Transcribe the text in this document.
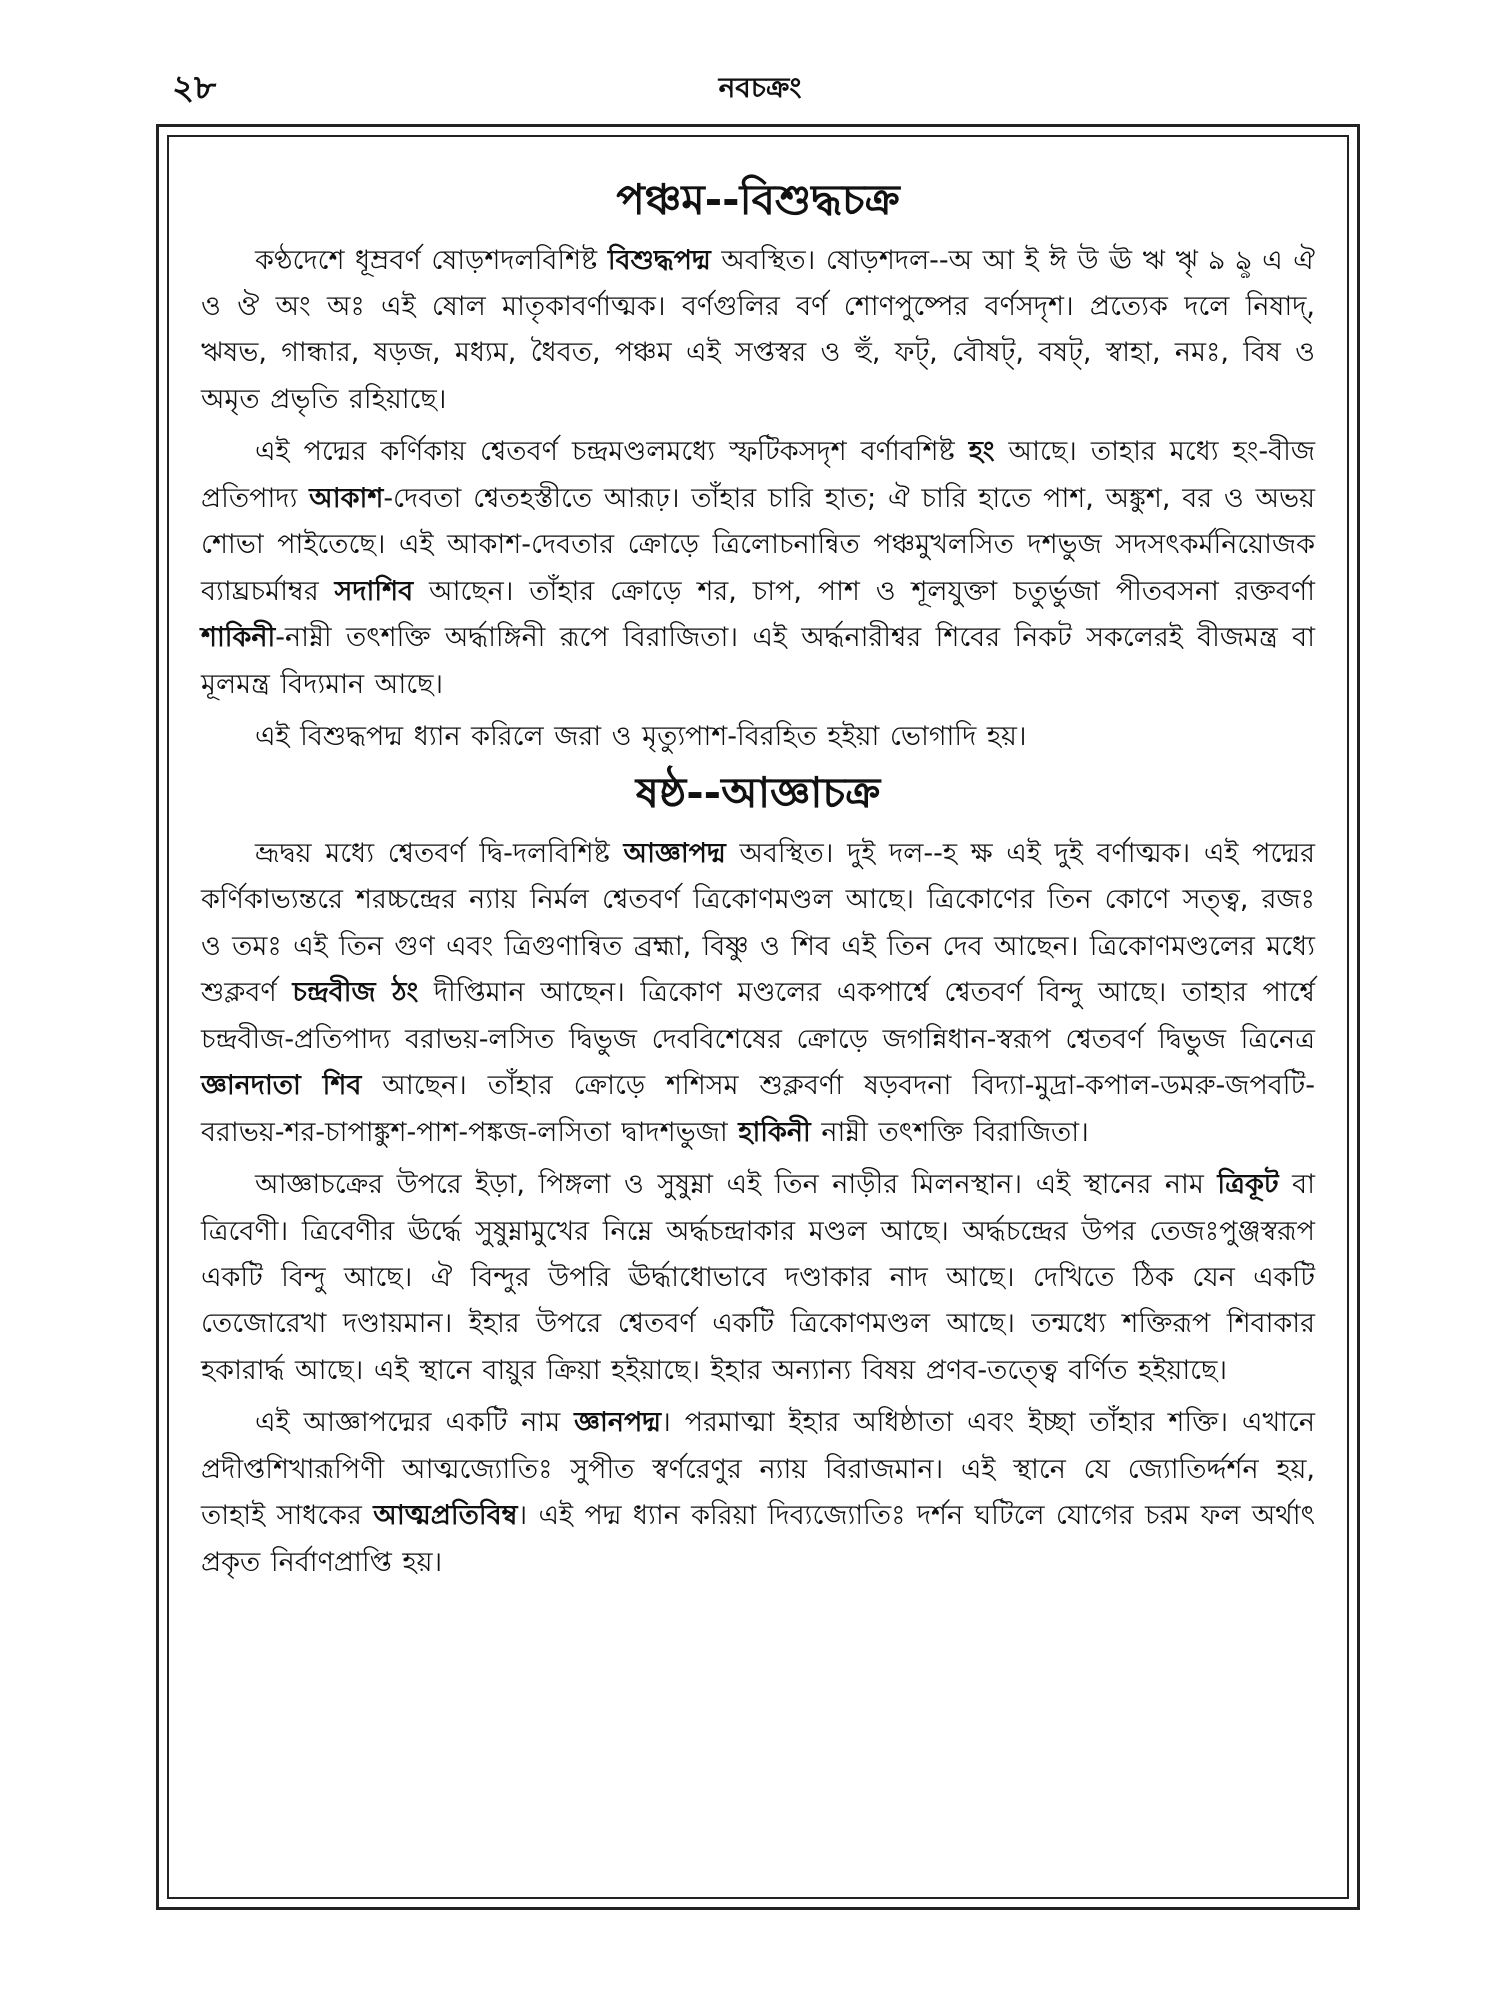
২৮	নবচক্রং
পঞ্চম--বিশুদ্ধচক্র

কণ্ঠদেশে ধূম্রবর্ণ ষোড়শদলবিশিষ্ট বিশুদ্ধপদ্ম অবস্থিত। ষোড়শদল--অ আ ই ঈ উ ঊ ঋ ৠ ঌ ৡ এ ঐ ও ঔ অং অঃ এই ষোল মাতৃকাবর্ণাত্মক। বর্ণগুলির বর্ণ শোণপুষ্পের বর্ণসদৃশ। প্রত্যেক দলে নিষাদ্, ঋষভ, গান্ধার, ষড়জ, মধ্যম, ধৈবত, পঞ্চম এই সপ্তস্বর ও হুঁ, ফট্, বৌষট্, বষট্, স্বাহা, নমঃ, বিষ ও অমৃত প্রভৃতি রহিয়াছে।

এই পদ্মের কর্ণিকায় শ্বেতবর্ণ চন্দ্রমণ্ডলমধ্যে স্ফটিকসদৃশ বর্ণাবশিষ্ট হং আছে। তাহার মধ্যে হং-বীজ প্রতিপাদ্য আকাশ-দেবতা শ্বেতহস্তীতে আরূঢ়। তাঁহার চারি হাত; ঐ চারি হাতে পাশ, অঙ্কুশ, বর ও অভয় শোভা পাইতেছে। এই আকাশ-দেবতার ক্রোড়ে ত্রিলোচনান্বিত পঞ্চমুখলসিত দশভুজ সদসৎকর্মনিয়োজক ব্যাঘ্রচর্মাম্বর সদাশিব আছেন। তাঁহার ক্রোড়ে শর, চাপ, পাশ ও শূলযুক্তা চতুর্ভুজা পীতবসনা রক্তবর্ণা শাকিনী-নাম্নী তৎশক্তি অর্দ্ধাঙ্গিনী রূপে বিরাজিতা। এই অর্দ্ধনারীশ্বর শিবের নিকট সকলেরই বীজমন্ত্র বা মূলমন্ত্র বিদ্যমান আছে।

এই বিশুদ্ধপদ্ম ধ্যান করিলে জরা ও মৃত্যুপাশ-বিরহিত হইয়া ভোগাদি হয়।

ষষ্ঠ--আজ্ঞাচক্র

ভ্রূদ্বয় মধ্যে শ্বেতবর্ণ দ্বি-দলবিশিষ্ট আজ্ঞাপদ্ম অবস্থিত। দুই দল--হ ক্ষ এই দুই বর্ণাত্মক। এই পদ্মের কর্ণিকাভ্যন্তরে শরচ্চন্দ্রের ন্যায় নির্মল শ্বেতবর্ণ ত্রিকোণমণ্ডল আছে। ত্রিকোণের তিন কোণে সত্ত্ব, রজঃ ও তমঃ এই তিন গুণ এবং ত্রিগুণান্বিত ব্রহ্মা, বিষ্ণু ও শিব এই তিন দেব আছেন। ত্রিকোণমণ্ডলের মধ্যে শুক্লবর্ণ চন্দ্রবীজ ঠং দীপ্তিমান আছেন। ত্রিকোণ মণ্ডলের একপার্শ্বে শ্বেতবর্ণ বিন্দু আছে। তাহার পার্শ্বে চন্দ্রবীজ-প্রতিপাদ্য বরাভয়-লসিত দ্বিভুজ দেববিশেষের ক্রোড়ে জগন্নিধান-স্বরূপ শ্বেতবর্ণ দ্বিভুজ ত্রিনেত্র জ্ঞানদাতা শিব আছেন। তাঁহার ক্রোড়ে শশিসম শুক্লবর্ণা ষড়বদনা বিদ্যা-মুদ্রা-কপাল-ডমরু-জপবটি-বরাভয়-শর-চাপাঙ্কুশ-পাশ-পঙ্কজ-লসিতা দ্বাদশভুজা হাকিনী নাম্নী তৎশক্তি বিরাজিতা।

আজ্ঞাচক্রের উপরে ইড়া, পিঙ্গলা ও সুষুম্না এই তিন নাড়ীর মিলনস্থান। এই স্থানের নাম ত্রিকূট বা ত্রিবেণী। ত্রিবেণীর ঊর্দ্ধে সুষুম্নামুখের নিম্নে অর্দ্ধচন্দ্রাকার মণ্ডল আছে। অর্দ্ধচন্দ্রের উপর তেজঃপুঞ্জস্বরূপ একটি বিন্দু আছে। ঐ বিন্দুর উপরি ঊর্দ্ধাধোভাবে দণ্ডাকার নাদ আছে। দেখিতে ঠিক যেন একটি তেজোরেখা দণ্ডায়মান। ইহার উপরে শ্বেতবর্ণ একটি ত্রিকোণমণ্ডল আছে। তন্মধ্যে শক্তিরূপ শিবাকার হকারার্দ্ধ আছে। এই স্থানে বায়ুর ক্রিয়া হইয়াছে। ইহার অন্যান্য বিষয় প্রণব-তত্ত্বে বর্ণিত হইয়াছে।

এই আজ্ঞাপদ্মের একটি নাম জ্ঞানপদ্ম। পরমাত্মা ইহার অধিষ্ঠাতা এবং ইচ্ছা তাঁহার শক্তি। এখানে প্রদীপ্তশিখারূপিণী আত্মজ্যোতিঃ সুপীত স্বর্ণরেণুর ন্যায় বিরাজমান। এই স্থানে যে জ্যোতির্দ্দর্শন হয়, তাহাই সাধকের আত্মপ্রতিবিম্ব। এই পদ্ম ধ্যান করিয়া দিব্যজ্যোতিঃ দর্শন ঘটিলে যোগের চরম ফল অর্থাৎ প্রকৃত নির্বাণপ্রাপ্তি হয়।
